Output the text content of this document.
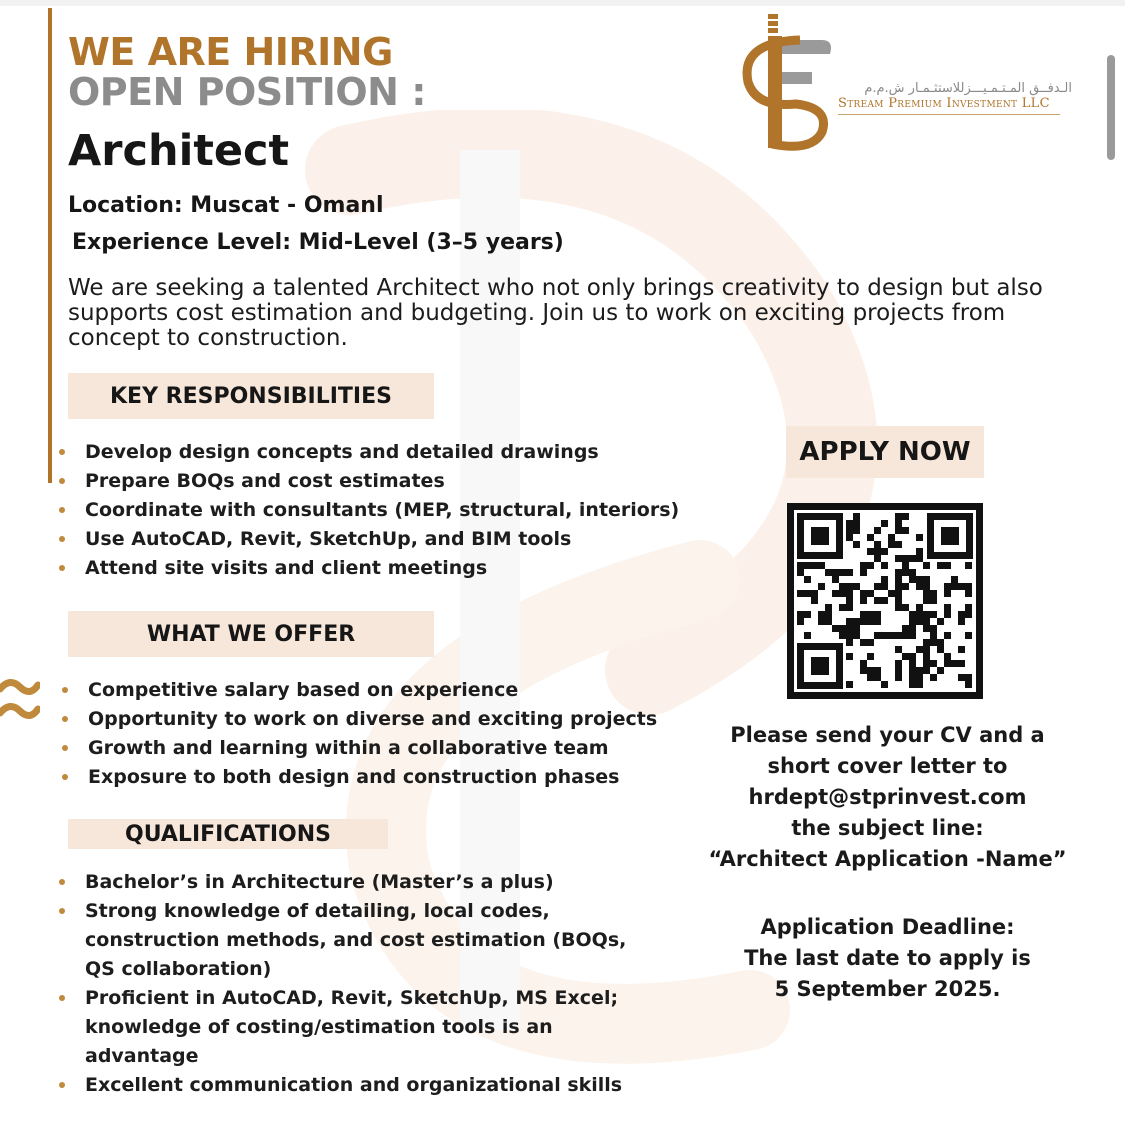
WE ARE HIRING
OPEN POSITION :
Architect
الـدفــق المـتـمـيـــزللاستثـمـار ش.م.م
Stream Premium Investment LLC
Location: Muscat - Omanl
Experience Level: Mid-Level (3–5 years)
We are seeking a talented Architect who not only brings creativity to design but also supports cost estimation and budgeting. Join us to work on exciting projects from concept to construction.
KEY RESPONSIBILITIES
Develop design concepts and detailed drawings
Prepare BOQs and cost estimates
Coordinate with consultants (MEP, structural, interiors)
Use AutoCAD, Revit, SketchUp, and BIM tools
Attend site visits and client meetings
WHAT WE OFFER
Competitive salary based on experience
Opportunity to work on diverse and exciting projects
Growth and learning within a collaborative team
Exposure to both design and construction phases
QUALIFICATIONS
Bachelor’s in Architecture (Master’s a plus)
Strong knowledge of detailing, local codes, construction methods, and cost estimation (BOQs, QS collaboration)
Proficient in AutoCAD, Revit, SketchUp, MS Excel; knowledge of costing/estimation tools is an advantage
Excellent communication and organizational skills
APPLY NOW
Please send your CV and a
short cover letter to
hrdept@stprinvest.com
the subject line:
“Architect Application -Name”
Application Deadline:
The last date to apply is
5 September 2025.
